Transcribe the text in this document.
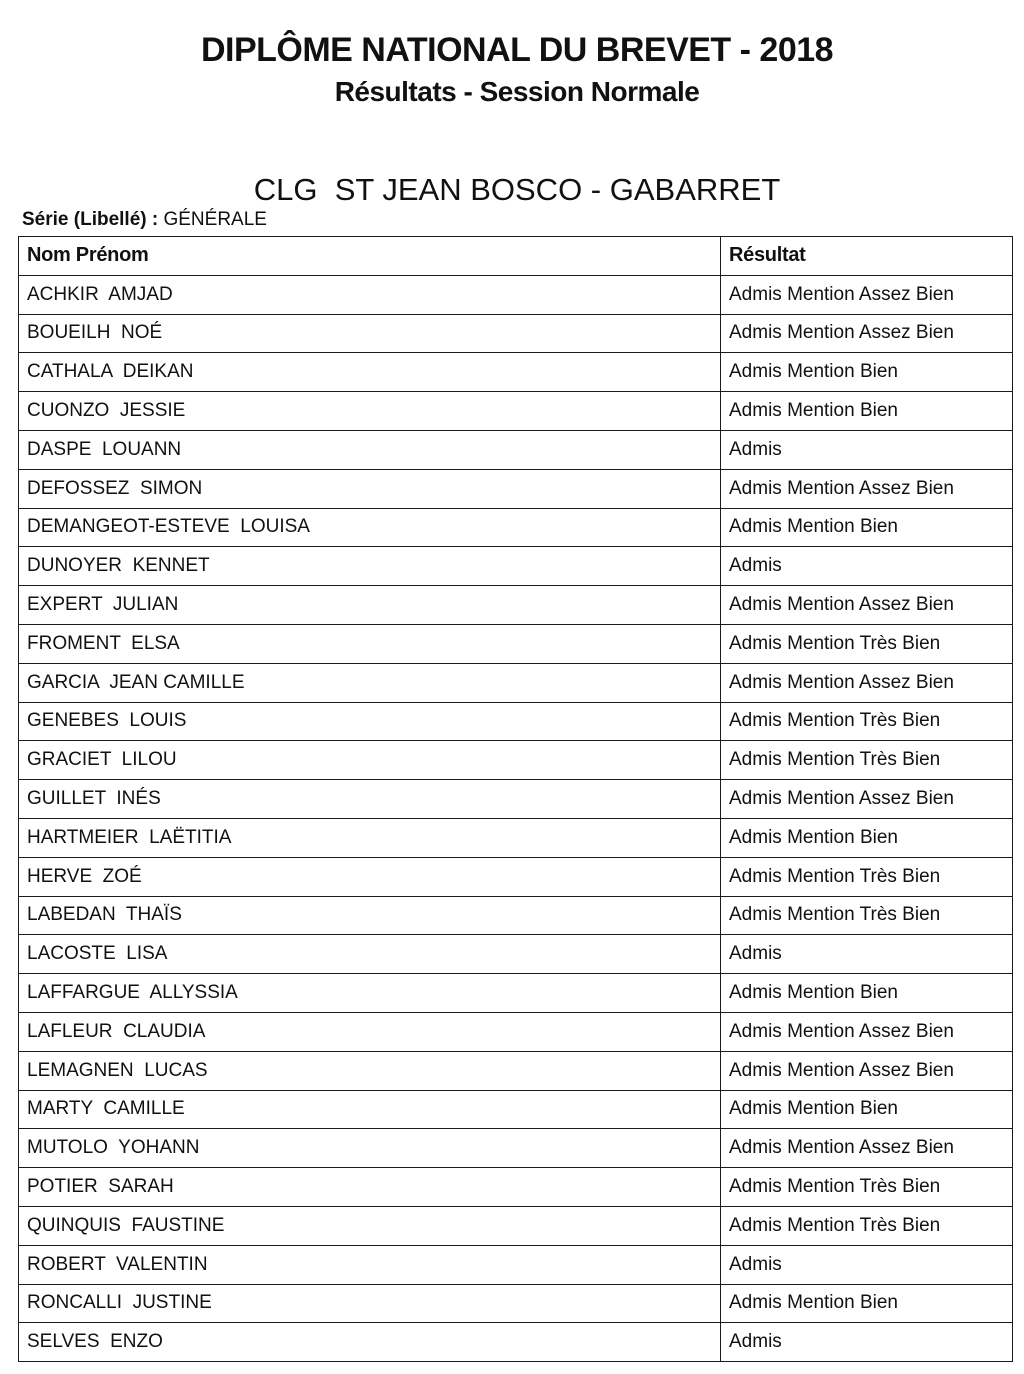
DIPLÔME NATIONAL DU BREVET - 2018
Résultats - Session Normale
CLG  ST JEAN BOSCO - GABARRET
Série (Libellé) : GÉNÉRALE
Nom Prénom	Résultat
ACHKIR  AMJAD	Admis Mention Assez Bien
BOUEILH  NOÉ	Admis Mention Assez Bien
CATHALA  DEIKAN	Admis Mention Bien
CUONZO  JESSIE	Admis Mention Bien
DASPE  LOUANN	Admis
DEFOSSEZ  SIMON	Admis Mention Assez Bien
DEMANGEOT-ESTEVE  LOUISA	Admis Mention Bien
DUNOYER  KENNET	Admis
EXPERT  JULIAN	Admis Mention Assez Bien
FROMENT  ELSA	Admis Mention Très Bien
GARCIA  JEAN CAMILLE	Admis Mention Assez Bien
GENEBES  LOUIS	Admis Mention Très Bien
GRACIET  LILOU	Admis Mention Très Bien
GUILLET  INÉS	Admis Mention Assez Bien
HARTMEIER  LAËTITIA	Admis Mention Bien
HERVE  ZOÉ	Admis Mention Très Bien
LABEDAN  THAÏS	Admis Mention Très Bien
LACOSTE  LISA	Admis
LAFFARGUE  ALLYSSIA	Admis Mention Bien
LAFLEUR  CLAUDIA	Admis Mention Assez Bien
LEMAGNEN  LUCAS	Admis Mention Assez Bien
MARTY  CAMILLE	Admis Mention Bien
MUTOLO  YOHANN	Admis Mention Assez Bien
POTIER  SARAH	Admis Mention Très Bien
QUINQUIS  FAUSTINE	Admis Mention Très Bien
ROBERT  VALENTIN	Admis
RONCALLI  JUSTINE	Admis Mention Bien
SELVES  ENZO	Admis
